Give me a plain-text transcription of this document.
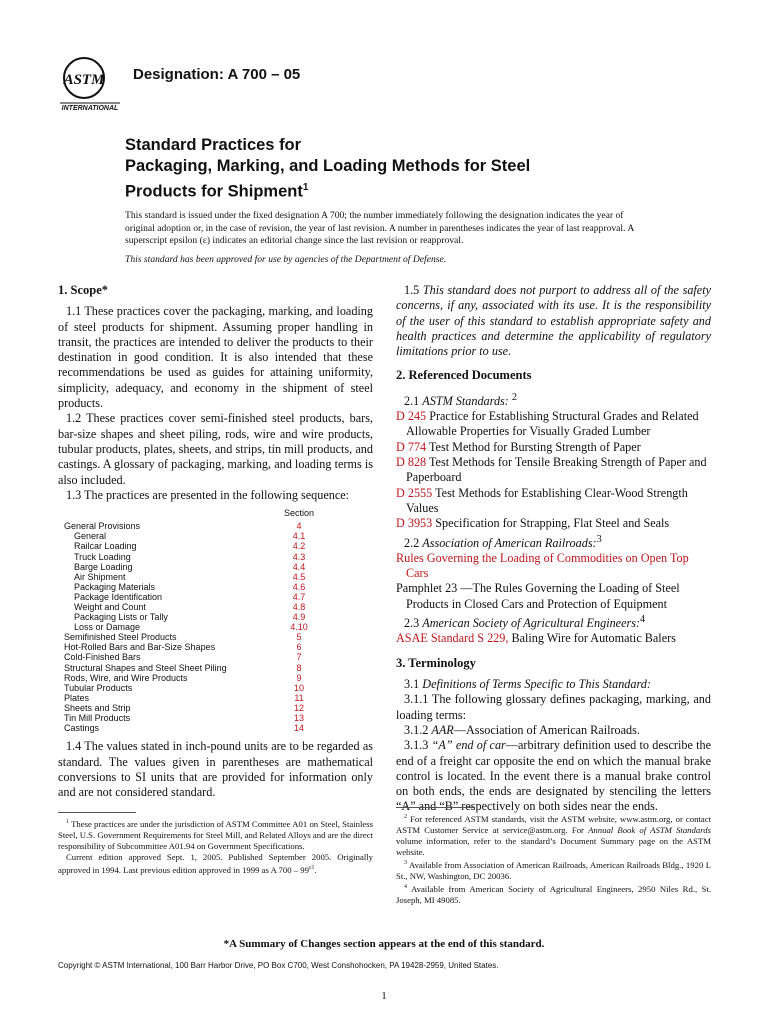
ASTM
INTERNATIONAL
Designation: A 700 – 05
Standard Practices for
Packaging, Marking, and Loading Methods for Steel
Products for Shipment$^1$

This standard is issued under the fixed designation A 700; the number immediately following the designation indicates the year of original adoption or, in the case of revision, the year of last revision. A number in parentheses indicates the year of last reapproval. A superscript epsilon (ε) indicates an editorial change since the last revision or reapproval.

This standard has been approved for use by agencies of the Department of Defense.

1. Scope*

1.1 These practices cover the packaging, marking, and loading of steel products for shipment. Assuming proper handling in transit, the practices are intended to deliver the products to their destination in good condition. It is also intended that these recommendations be used as guides for attaining uniformity, simplicity, adequacy, and economy in the shipment of steel products.

1.2 These practices cover semi-finished steel products, bars, bar-size shapes and sheet piling, rods, wire and wire products, tubular products, plates, sheets, and strips, tin mill products, and castings. A glossary of packaging, marking, and loading terms is also included.

1.3 The practices are presented in the following sequence:

	Section
General Provisions	4
General	4.1
Railcar Loading	4.2
Truck Loading	4.3
Barge Loading	4.4
Air Shipment	4.5
Packaging Materials	4.6
Package Identification	4.7
Weight and Count	4.8
Packaging Lists or Tally	4.9
Loss or Damage	4.10
Semifinished Steel Products	5
Hot-Rolled Bars and Bar-Size Shapes	6
Cold-Finished Bars	7
Structural Shapes and Steel Sheet Piling	8
Rods, Wire, and Wire Products	9
Tubular Products	10
Plates	11
Sheets and Strip	12
Tin Mill Products	13
Castings	14

1.4 The values stated in inch-pound units are to be regarded as standard. The values given in parentheses are mathematical conversions to SI units that are provided for information only and are not considered standard.

$^1$ These practices are under the jurisdiction of ASTM Committee A01 on Steel, Stainless Steel, U.S. Government Requirements for Steel Mill, and Related Alloys and are the direct responsibility of Subcommittee A01.94 on Government Specifications.

Current edition approved Sept. 1, 2005. Published September 2005. Originally approved in 1994. Last previous edition approved in 1999 as A $700 - 99^{\varepsilon 1}$.

1.5 This standard does not purport to address all of the safety concerns, if any, associated with its use. It is the responsibility of the user of this standard to establish appropriate safety and health practices and determine the applicability of regulatory limitations prior to use.

2. Referenced Documents

2.1 ASTM Standards: $^2$

D 245 Practice for Establishing Structural Grades and Related Allowable Properties for Visually Graded Lumber

D 774 Test Method for Bursting Strength of Paper

D 828 Test Methods for Tensile Breaking Strength of Paper and Paperboard

D 2555 Test Methods for Establishing Clear-Wood Strength Values

D 3953 Specification for Strapping, Flat Steel and Seals

2.2 Association of American Railroads:$^3$

Rules Governing the Loading of Commodities on Open Top Cars

Pamphlet 23 —The Rules Governing the Loading of Steel Products in Closed Cars and Protection of Equipment

2.3 American Society of Agricultural Engineers:$^4$

ASAE Standard S 229, Baling Wire for Automatic Balers

3. Terminology

3.1 Definitions of Terms Specific to This Standard:

3.1.1 The following glossary defines packaging, marking, and loading terms:

3.1.2 AAR—Association of American Railroads.

3.1.3 “A” end of car—arbitrary definition used to describe the end of a freight car opposite the end on which the manual brake control is located. In the event there is a manual brake control on both ends, the ends are designated by stenciling the letters “A” and “B” respectively on both sides near the ends.

$^2$ For referenced ASTM standards, visit the ASTM website, www.astm.org, or contact ASTM Customer Service at service@astm.org. For Annual Book of ASTM Standards volume information, refer to the standard’s Document Summary page on the ASTM website.

$^3$ Available from Association of American Railroads, American Railroads Bldg., 1920 L St., NW, Washington, DC 20036.

$^4$ Available from American Society of Agricultural Engineers, 2950 Niles Rd., St. Joseph, MI 49085.

*A Summary of Changes section appears at the end of this standard.
Copyright © ASTM International, 100 Barr Harbor Drive, PO Box C700, West Conshohocken, PA 19428-2959, United States.
1
